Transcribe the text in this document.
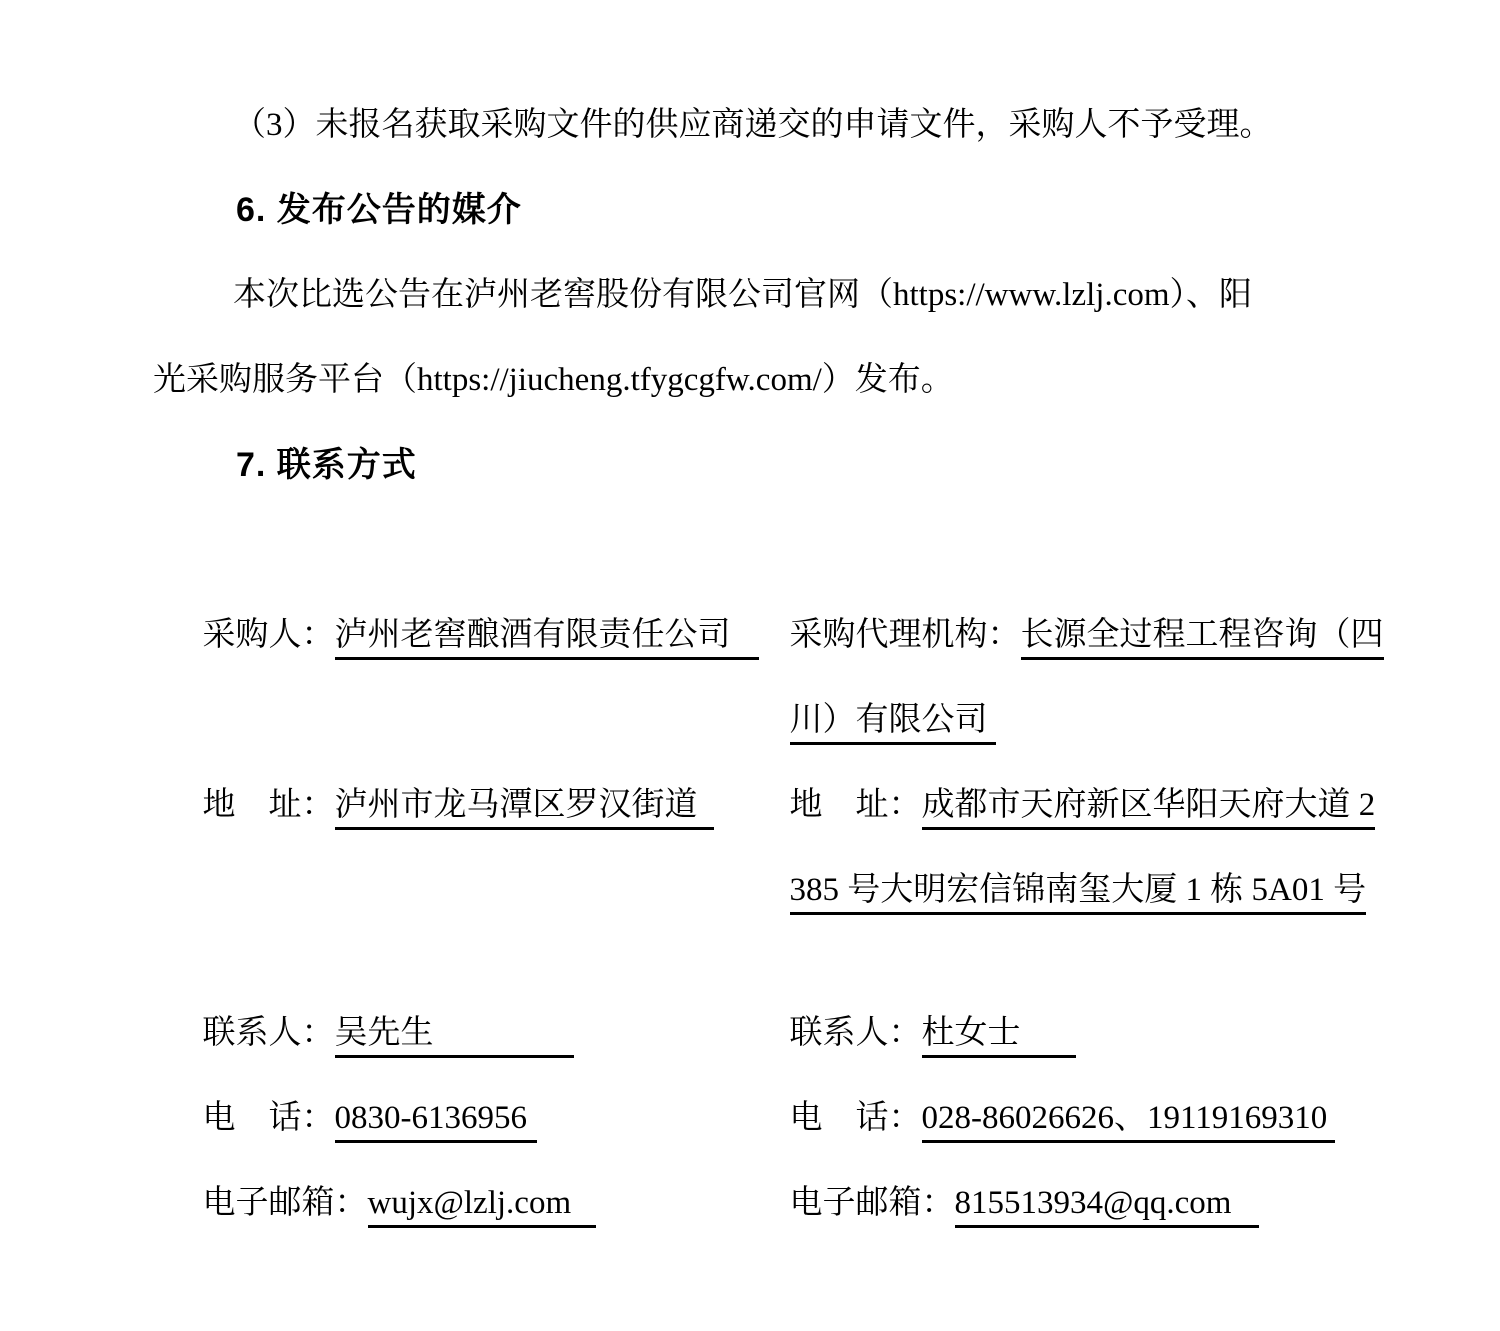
（3）未报名获取采购文件的供应商递交的申请文件，采购人不予受理。
6. 发布公告的媒介
本次比选公告在泸州老窖股份有限公司官网（https://www.lzlj.com）、阳
光采购服务平台（https://jiucheng.tfygcgfw.com/）发布。
7. 联系方式

采购人：泸州老窖酿酒有限责任公司
	采购代理机构：长源全过程工程咨询（四

川）有限公司

地　址：泸州市龙马潭区罗汉街道
	地　址：成都市天府新区华阳天府大道 2

385 号大明宏信锦南玺大厦 1 栋 5A01 号

联系人：吴先生
	联系人：杜女士

电　话：0830-6136956
	电　话：028-86026626、19119169310

电子邮箱：wujx@lzlj.com
	电子邮箱：815513934@qq.com
